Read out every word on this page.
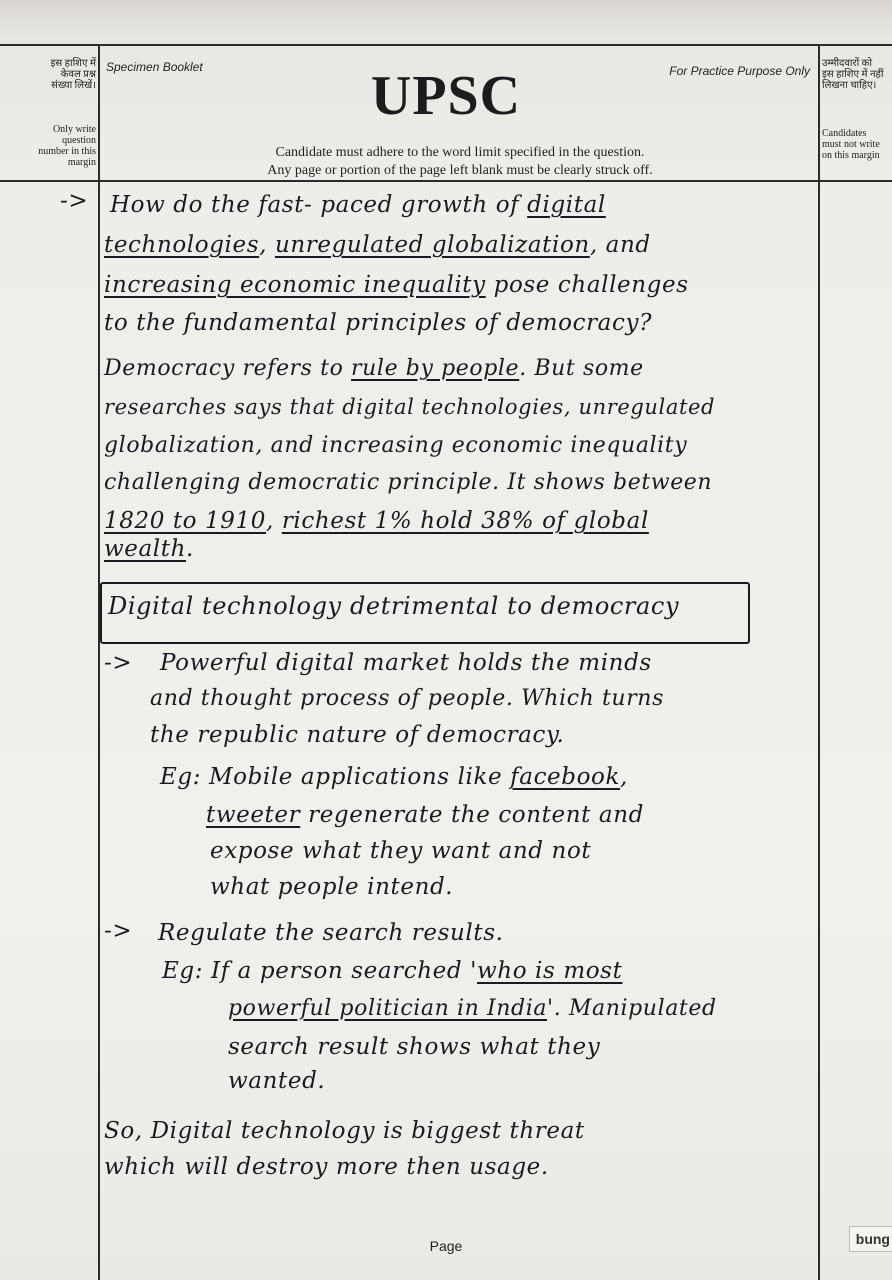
इस हाशिए में केवल प्रश्न संख्या लिखें।
Only write question number in this margin
Specimen Booklet	UPSC	For Practice Purpose Only
उम्मीदवारों को इस हाशिए में नहीं लिखना चाहिए।
Candidates must not write on this margin
Candidate must adhere to the word limit specified in the question.
Any page or portion of the page left blank must be clearly struck off.
-> How do the fast- paced growth of digital
technologies, unregulated globalization, and
increasing economic inequality pose challenges
to the fundamental principles of democracy?
Democracy refers to rule by people. But some
researches says that digital technologies, unregulated
globalization, and increasing economic inequality
challenging democratic principle. It shows between
1820 to 1910, richest 1% hold 38% of global
wealth.
Digital technology detrimental to democracy
-> Powerful digital market holds the minds
and thought process of people. Which turns
the republic nature of democracy.
Eg: Mobile applications like facebook,
tweeter regenerate the content and
expose what they want and not
what people intend.
-> Regulate the search results.
Eg: If a person searched 'who is most
powerful politician in India'. Manipulated
search result shows what they
wanted.
So, Digital technology is biggest threat
which will destroy more then usage.
Page	bung
